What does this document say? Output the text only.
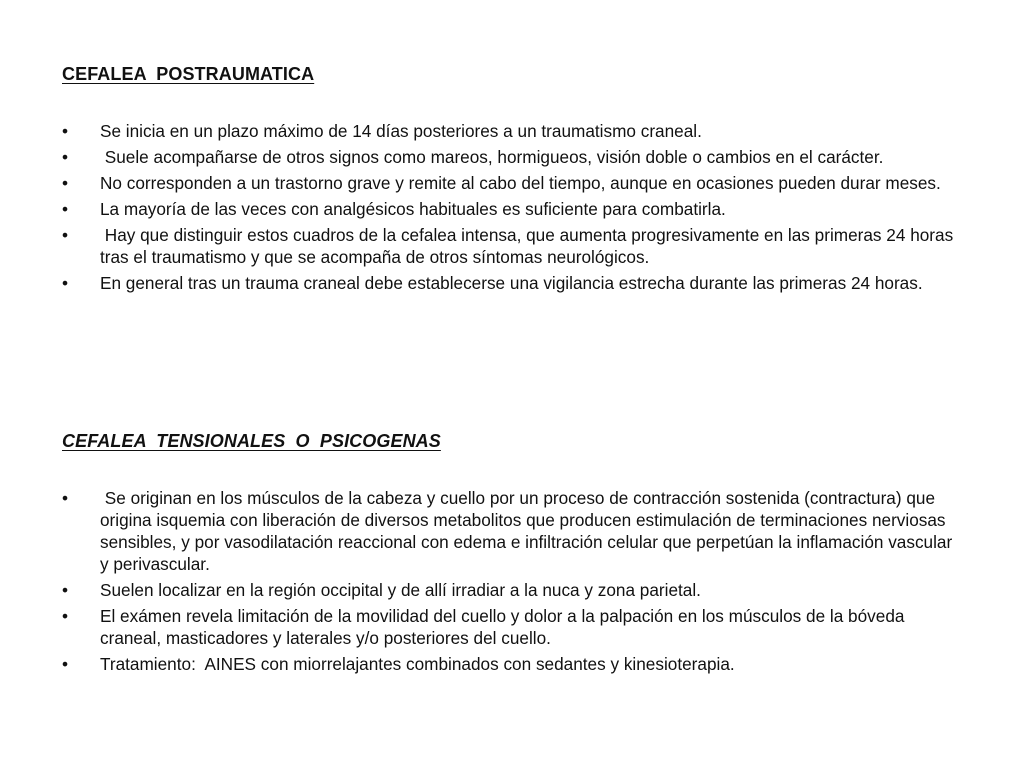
CEFALEA  POSTRAUMATICA
•	Se inicia en un plazo máximo de 14 días posteriores a un traumatismo craneal.
•	Suele acompañarse de otros signos como mareos, hormigueos, visión doble o cambios en el carácter.
•	No corresponden a un trastorno grave y remite al cabo del tiempo, aunque en ocasiones pueden durar meses.
•	La mayoría de las veces con analgésicos habituales es suficiente para combatirla.
•	Hay que distinguir estos cuadros de la cefalea intensa, que aumenta progresivamente en las primeras 24 horas tras el traumatismo y que se acompaña de otros síntomas neurológicos.
•	En general tras un trauma craneal debe establecerse una vigilancia estrecha durante las primeras 24 horas.
CEFALEA  TENSIONALES  O  PSICOGENAS
•	Se originan en los músculos de la cabeza y cuello por un proceso de contracción sostenida (contractura) que origina isquemia con liberación de diversos metabolitos que producen estimulación de terminaciones nerviosas sensibles, y por vasodilatación reaccional con edema e infiltración celular que perpetúan la inflamación vascular y perivascular.
•	Suelen localizar en la región occipital y de allí irradiar a la nuca y zona parietal.
•	El exámen revela limitación de la movilidad del cuello y dolor a la palpación en los músculos de la bóveda craneal, masticadores y laterales y/o posteriores del cuello.
•	Tratamiento:  AINES con miorrelajantes combinados con sedantes y kinesioterapia.
